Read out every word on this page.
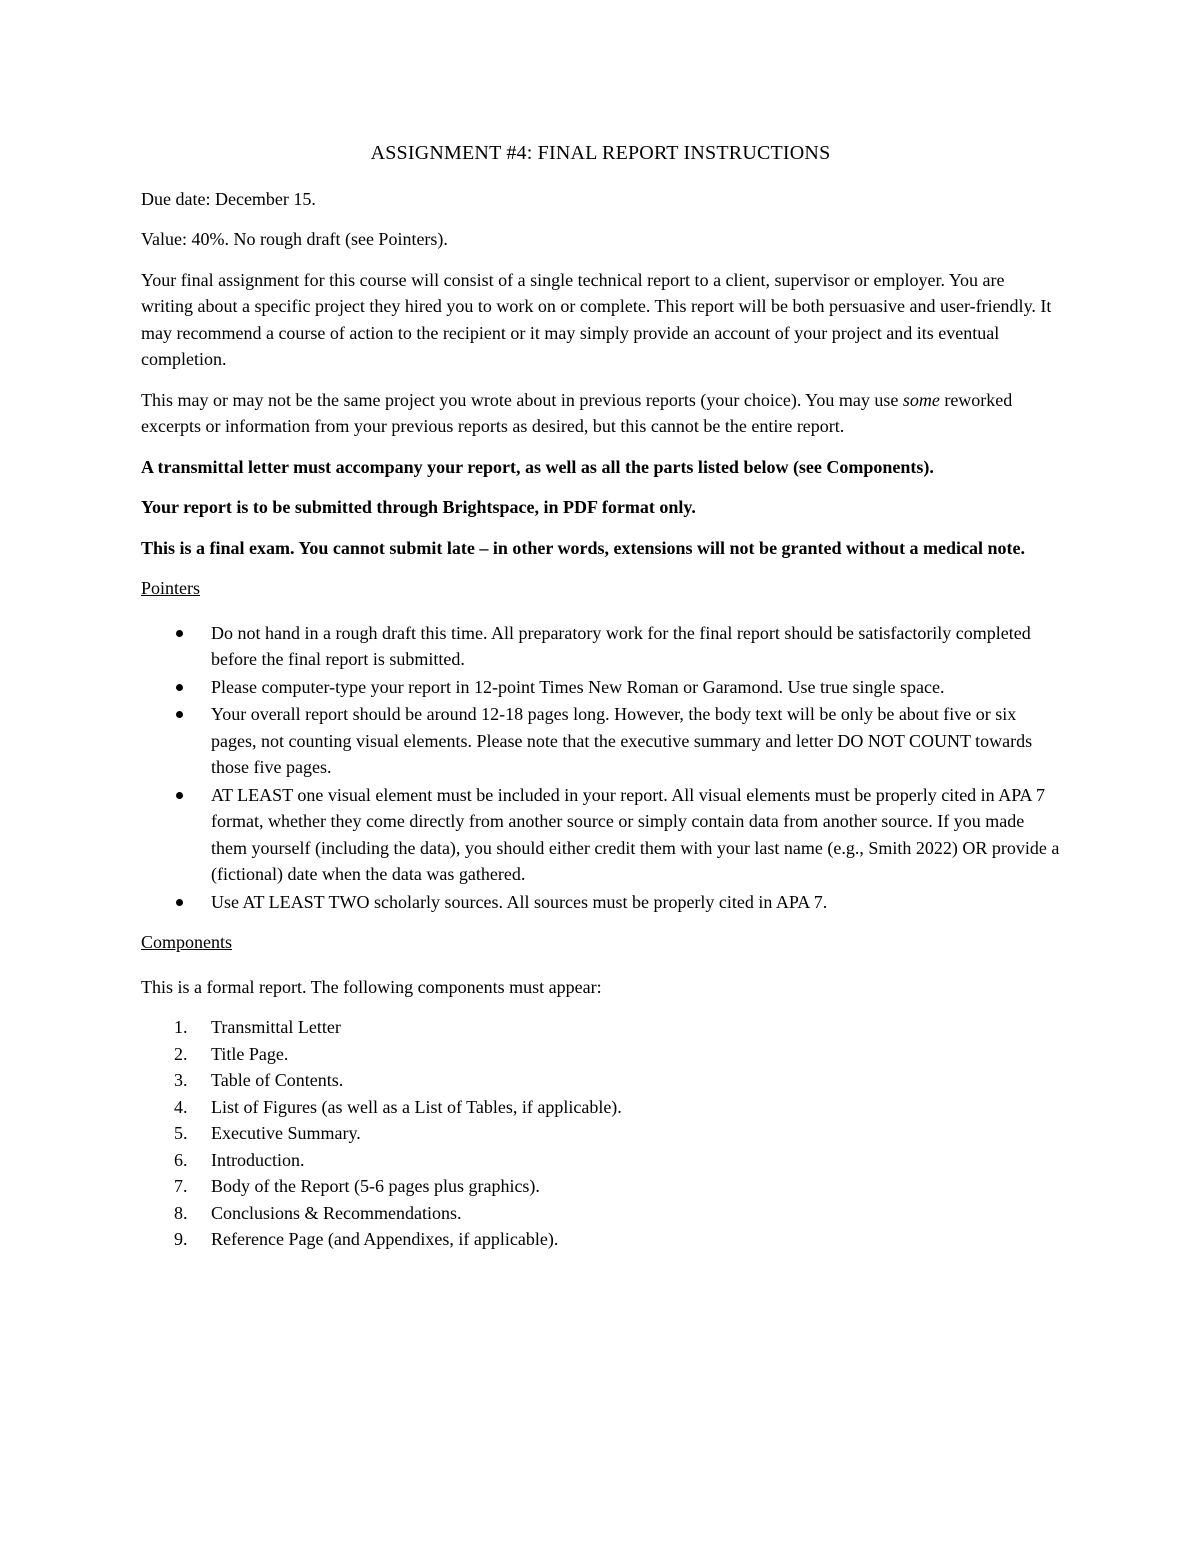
ASSIGNMENT #4: FINAL REPORT INSTRUCTIONS

Due date: December 15.

Value: 40%. No rough draft (see Pointers).

Your final assignment for this course will consist of a single technical report to a client, supervisor or employer. You are writing about a specific project they hired you to work on or complete. This report will be both persuasive and user-friendly. It may recommend a course of action to the recipient or it may simply provide an account of your project and its eventual completion.

This may or may not be the same project you wrote about in previous reports (your choice). You may use some reworked excerpts or information from your previous reports as desired, but this cannot be the entire report.

A transmittal letter must accompany your report, as well as all the parts listed below (see Components).

Your report is to be submitted through Brightspace, in PDF format only.

This is a final exam. You cannot submit late – in other words, extensions will not be granted without a medical note.

Pointers

Do not hand in a rough draft this time. All preparatory work for the final report should be satisfactorily completed before the final report is submitted.
Please computer-type your report in 12-point Times New Roman or Garamond. Use true single space.
Your overall report should be around 12-18 pages long. However, the body text will be only be about five or six pages, not counting visual elements. Please note that the executive summary and letter DO NOT COUNT towards those five pages.
AT LEAST one visual element must be included in your report. All visual elements must be properly cited in APA 7 format, whether they come directly from another source or simply contain data from another source. If you made them yourself (including the data), you should either credit them with your last name (e.g., Smith 2022) OR provide a (fictional) date when the data was gathered.
Use AT LEAST TWO scholarly sources. All sources must be properly cited in APA 7.

Components

This is a formal report. The following components must appear:

1. Transmittal Letter
2. Title Page.
3. Table of Contents.
4. List of Figures (as well as a List of Tables, if applicable).
5. Executive Summary.
6. Introduction.
7. Body of the Report (5-6 pages plus graphics).
8. Conclusions & Recommendations.
9. Reference Page (and Appendixes, if applicable).
